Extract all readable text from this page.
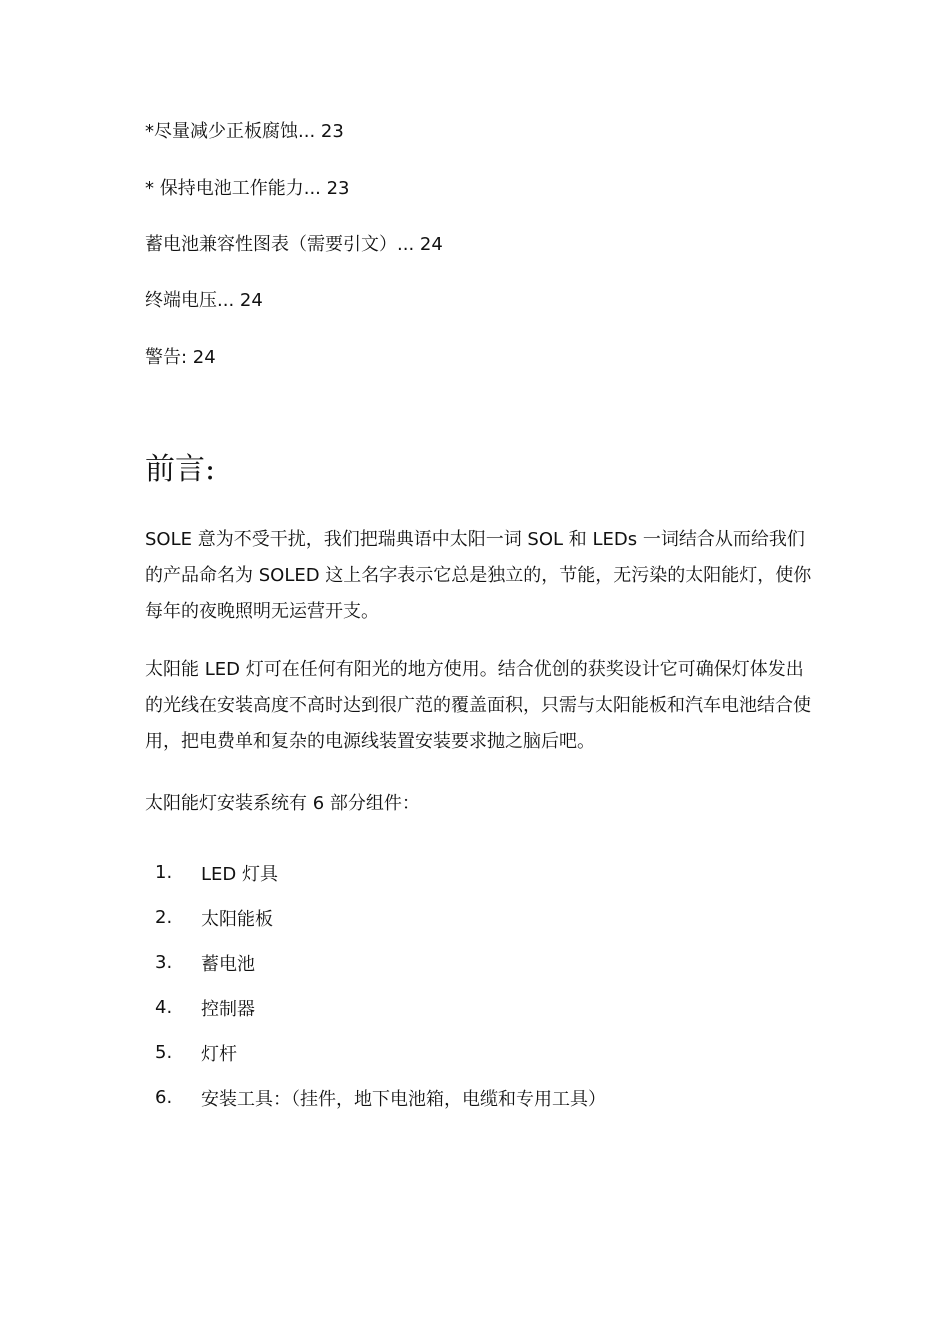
*尽量减少正板腐蚀... 23
* 保持电池工作能力... 23
蓄电池兼容性图表（需要引文）... 24
终端电压... 24
警告: 24
前言:

SOLE 意为不受干扰，我们把瑞典语中太阳一词 SOL 和 LEDs 一词结合从而给我们的产品命名为 SOLED 这上名字表示它总是独立的，节能，无污染的太阳能灯，使你每年的夜晚照明无运营开支。

太阳能 LED 灯可在任何有阳光的地方使用。结合优创的获奖设计它可确保灯体发出的光线在安装高度不高时达到很广范的覆盖面积，只需与太阳能板和汽车电池结合使用，把电费单和复杂的电源线装置安装要求抛之脑后吧。

太阳能灯安装系统有 6 部分组件：

1.	LED 灯具
2.	太阳能板
3.	蓄电池
4.	控制器
5.	灯杆
6.	安装工具：（挂件，地下电池箱，电缆和专用工具）
